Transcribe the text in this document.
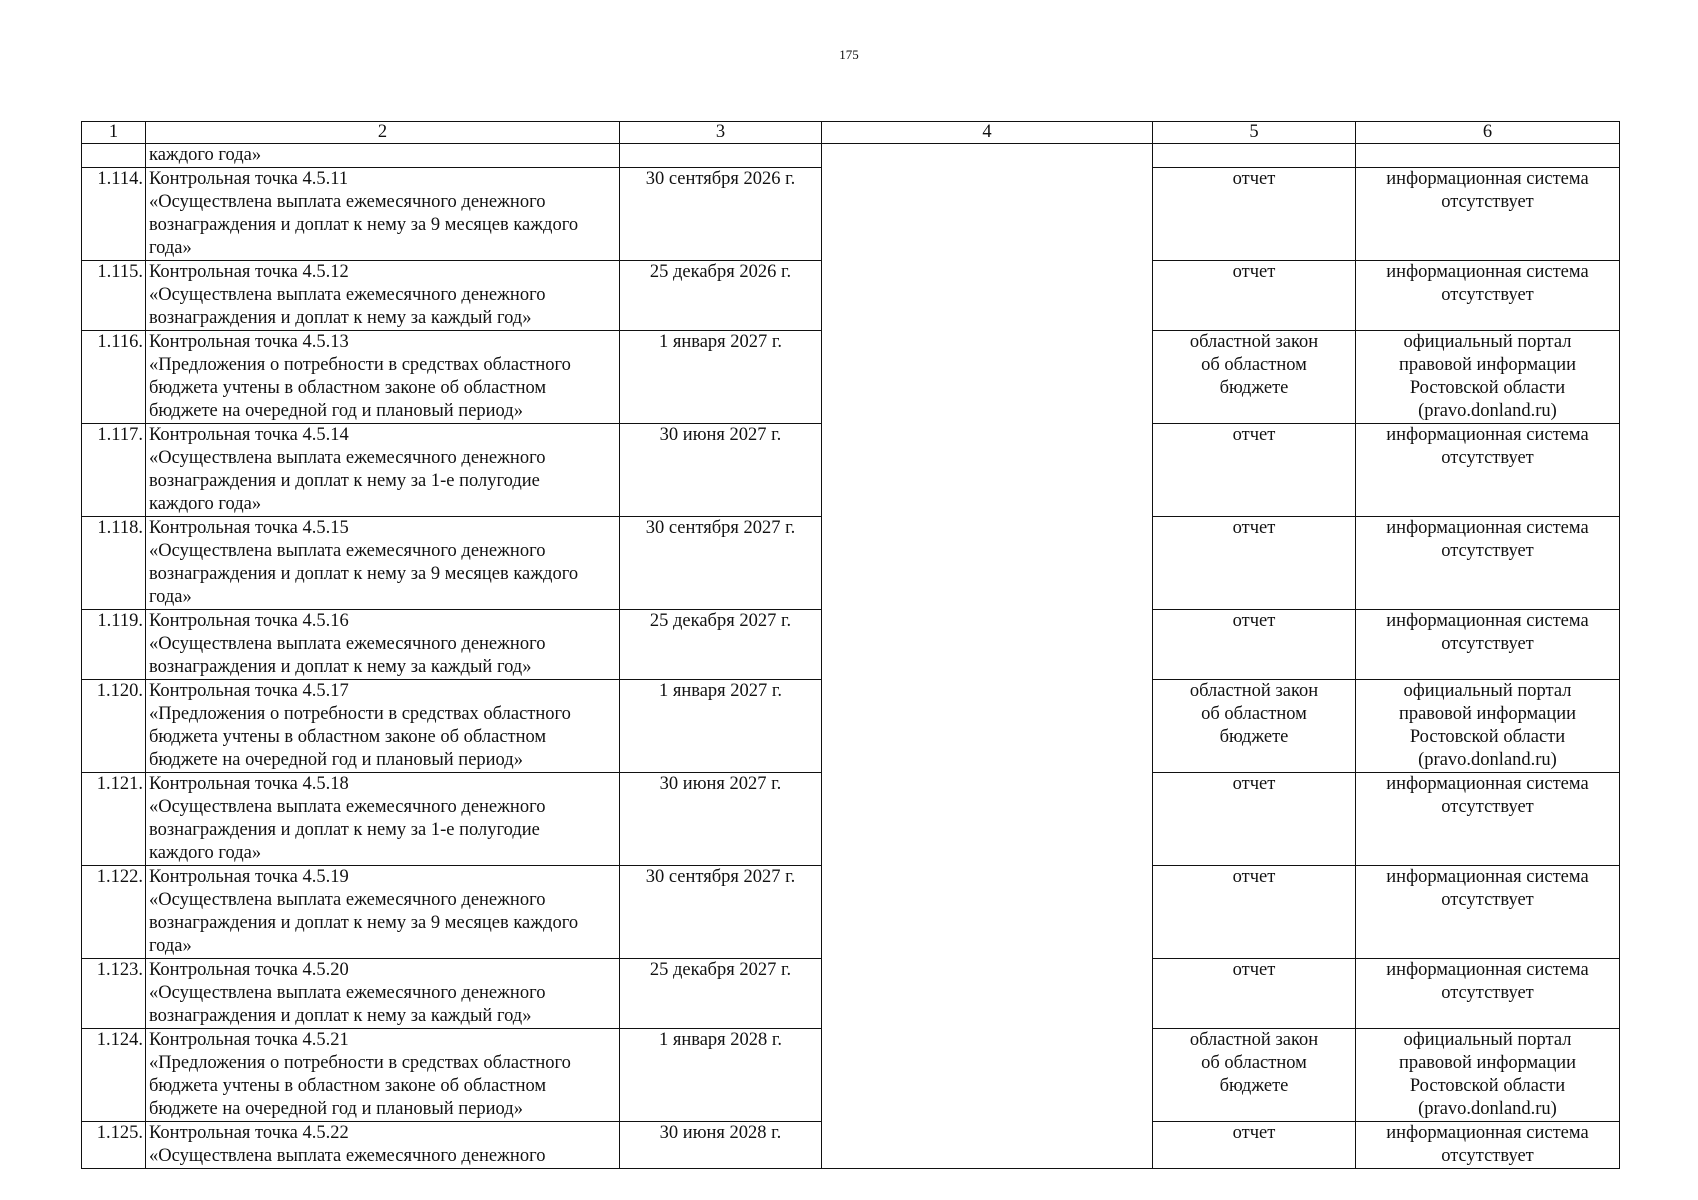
175
1	2	3	4	5	6
	каждого года»				
1.114.	Контрольная точка 4.5.11
«Осуществлена выплата ежемесячного денежного
вознаграждения и доплат к нему за 9 месяцев каждого
года»	30 сентября 2026 г.		отчет	информационная система
отсутствует

1.115.	Контрольная точка 4.5.12
«Осуществлена выплата ежемесячного денежного
вознаграждения и доплат к нему за каждый год»	25 декабря 2026 г.		отчет	информационная система
отсутствует

1.116.	Контрольная точка 4.5.13
«Предложения о потребности в средствах областного
бюджета учтены в областном законе об областном
бюджете на очередной год и плановый период»	1 января 2027 г.		областной закон
об областном
бюджете	официальный портал
правовой информации
Ростовской области
(pravo.donland.ru)

1.117.	Контрольная точка 4.5.14
«Осуществлена выплата ежемесячного денежного
вознаграждения и доплат к нему за 1-е полугодие
каждого года»	30 июня 2027 г.		отчет	информационная система
отсутствует

1.118.	Контрольная точка 4.5.15
«Осуществлена выплата ежемесячного денежного
вознаграждения и доплат к нему за 9 месяцев каждого
года»	30 сентября 2027 г.		отчет	информационная система
отсутствует

1.119.	Контрольная точка 4.5.16
«Осуществлена выплата ежемесячного денежного
вознаграждения и доплат к нему за каждый год»	25 декабря 2027 г.		отчет	информационная система
отсутствует

1.120.	Контрольная точка 4.5.17
«Предложения о потребности в средствах областного
бюджета учтены в областном законе об областном
бюджете на очередной год и плановый период»	1 января 2027 г.		областной закон
об областном
бюджете	официальный портал
правовой информации
Ростовской области
(pravo.donland.ru)

1.121.	Контрольная точка 4.5.18
«Осуществлена выплата ежемесячного денежного
вознаграждения и доплат к нему за 1-е полугодие
каждого года»	30 июня 2027 г.		отчет	информационная система
отсутствует

1.122.	Контрольная точка 4.5.19
«Осуществлена выплата ежемесячного денежного
вознаграждения и доплат к нему за 9 месяцев каждого
года»	30 сентября 2027 г.		отчет	информационная система
отсутствует

1.123.	Контрольная точка 4.5.20
«Осуществлена выплата ежемесячного денежного
вознаграждения и доплат к нему за каждый год»	25 декабря 2027 г.		отчет	информационная система
отсутствует

1.124.	Контрольная точка 4.5.21
«Предложения о потребности в средствах областного
бюджета учтены в областном законе об областном
бюджете на очередной год и плановый период»	1 января 2028 г.		областной закон
об областном
бюджете	официальный портал
правовой информации
Ростовской области
(pravo.donland.ru)

1.125.	Контрольная точка 4.5.22
«Осуществлена выплата ежемесячного денежного	30 июня 2028 г.		отчет	информационная система
отсутствует
